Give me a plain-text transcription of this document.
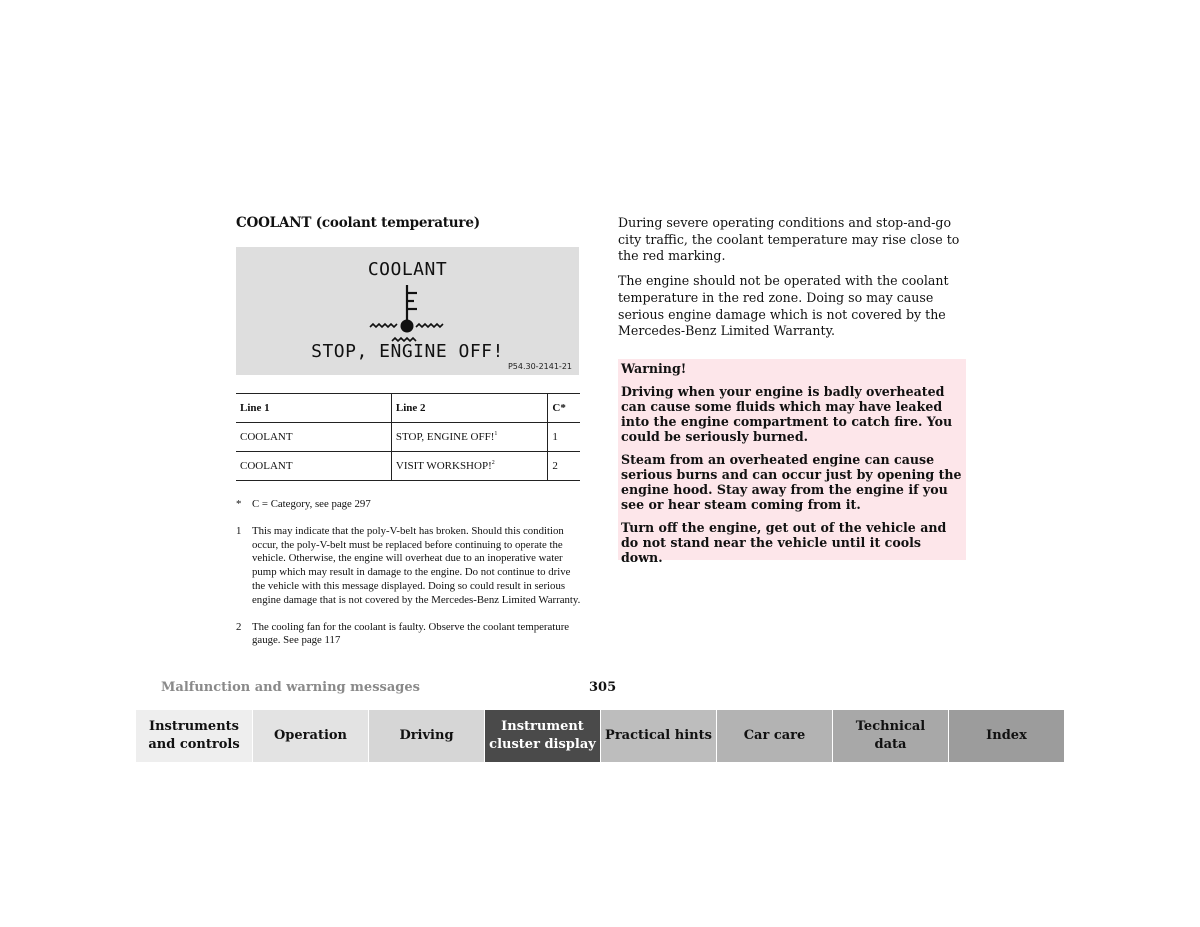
COOLANT (coolant temperature)
COOLANT
STOP, ENGINE OFF!
P54.30-2141-21
Line 1	Line 2	C*
COOLANT	STOP, ENGINE OFF!$^1$	1
COOLANT	VISIT WORKSHOP!$^2$	2
* C = Category, see page 297
1 This may indicate that the poly-V-belt has broken. Should this condition occur, the poly-V-belt must be replaced before continuing to operate the vehicle. Otherwise, the engine will overheat due to an inoperative water pump which may result in damage to the engine. Do not continue to drive the vehicle with this message displayed. Doing so could result in serious engine damage that is not covered by the Mercedes-Benz Limited Warranty.
2 The cooling fan for the coolant is faulty. Observe the coolant temperature gauge. See page 117

During severe operating conditions and stop-and-go city traffic, the coolant temperature may rise close to the red marking.

The engine should not be operated with the coolant temperature in the red zone. Doing so may cause serious engine damage which is not covered by the Mercedes-Benz Limited Warranty.

Warning!

Driving when your engine is badly overheated can cause some fluids which may have leaked into the engine compartment to catch fire. You could be seriously burned.

Steam from an overheated engine can cause serious burns and can occur just by opening the engine hood. Stay away from the engine if you see or hear steam coming from it.

Turn off the engine, get out of the vehicle and do not stand near the vehicle until it cools down.

Malfunction and warning messages	305
Instruments
and controls
Operation	Driving
Instrument
cluster display
Practical hints Car care
Technical
data
Index
